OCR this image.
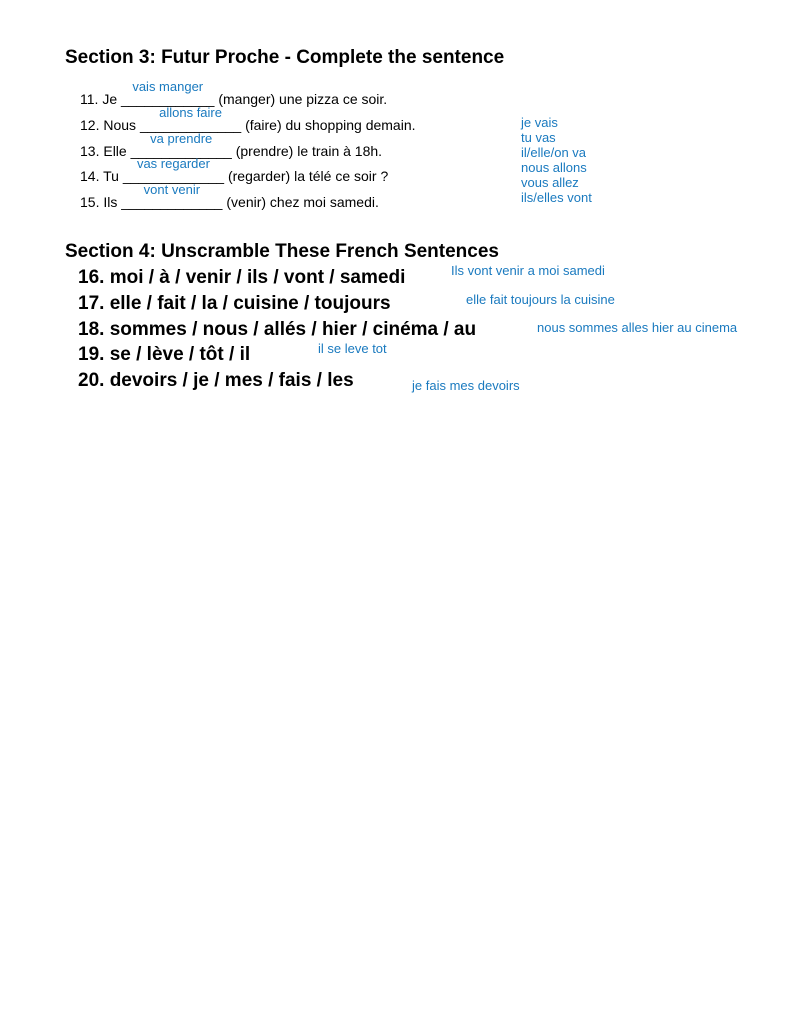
Section 3: Futur Proche - Complete the sentence
11. Je ____________
vais manger
(manger) une pizza ce soir.
12. Nous _____________
allons faire
(faire) du shopping demain.
13. Elle _____________
va prendre
(prendre) le train à 18h.
14. Tu _____________
vas regarder
(regarder) la télé ce soir ?
15. Ils _____________
vont venir
(venir) chez moi samedi.
je vais
tu vas
il/elle/on va
nous allons
vous allez
ils/elles vont
Section 4: Unscramble These French Sentences
16. moi / à / venir / ils / vont / samedi	Ils vont venir a moi samedi
17. elle / fait / la / cuisine / toujours	elle fait toujours la cuisine
18. sommes / nous / allés / hier / cinéma / au	nous sommes alles hier au cinema
19. se / lève / tôt / il	il se leve tot
20. devoirs / je / mes / fais / les	je fais mes devoirs
